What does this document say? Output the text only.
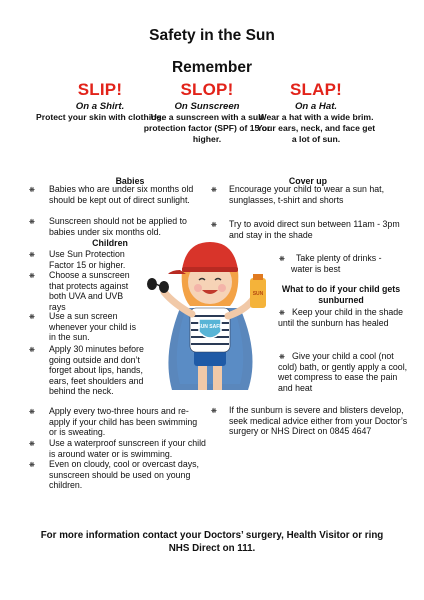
Safety in the Sun
Remember
SLIP!
On a Shirt.
Protect your skin with clothing.
SLOP!
On Sunscreen
Use a sunscreen with a sun protection factor (SPF) of 15 or higher.
SLAP!
On a Hat.
Wear a hat with a wide brim. Your ears, neck, and face get a lot of sun.
Babies
❋ Babies who are under six months old should be kept out of direct sunlight.
❋ Sunscreen should not be applied to babies under six months old.
Children
❋ Use Sun Protection Factor 15 or higher.
❋ Choose a sunscreen that protects against both UVA and UVB rays
❋ Use a sun screen whenever your child is in the sun.
❋ Apply 30 minutes before going outside and don’t forget about lips, hands, ears, feet shoulders and behind the neck.
❋ Apply every two-three hours and re-apply if your child has been swimming or is sweating.
❋ Use a waterproof sunscreen if your child is around water or is swimming.
❋ Even on cloudy, cool or overcast days, sunscreen should be used on young children.
Cover up
❋ Encourage your child to wear a sun hat, sunglasses, t-shirt and shorts
❋ Try to avoid direct sun between 11am - 3pm and stay in the shade
❋	Take plenty of drinks - water is best
What to do if your child gets sunburned
❋ Keep your child in the shade until the sunburn has healed
❋ Give your child a cool (not cold) bath, or gently apply a cool, wet compress to ease the pain and heat
❋ If the sunburn is severe and blisters develop, seek medical advice either from your Doctor’s surgery or NHS Direct on 0845 4647
SUN SAFE
SUN
For more information contact your Doctors’ surgery, Health Visitor or ring NHS Direct on 111.
